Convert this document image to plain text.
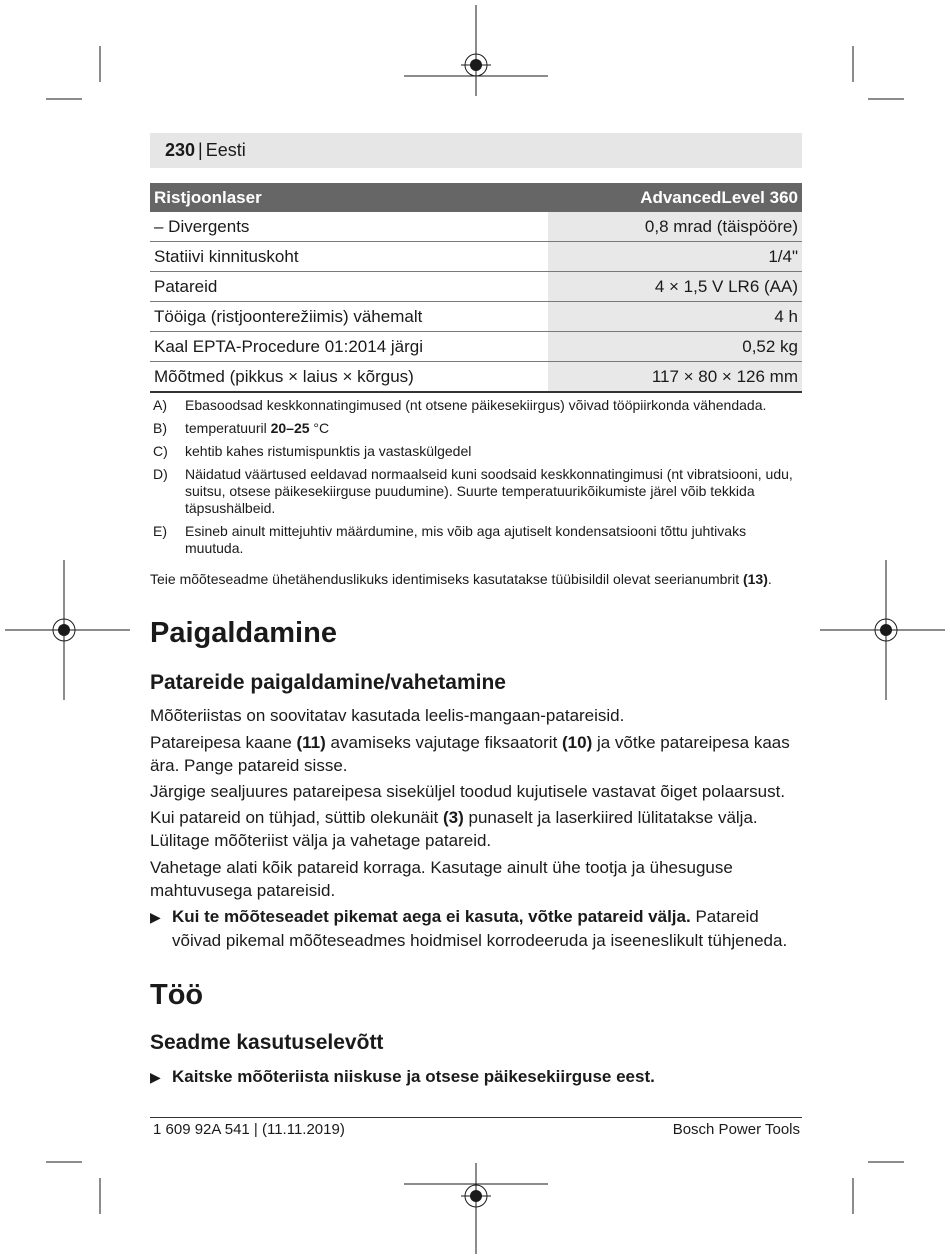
230 | Eesti
Ristjoonlaser	AdvancedLevel 360
– Divergents	0,8 mrad (täispööre)
Statiivi kinnituskoht	1/4"
Patareid	4 × 1,5 V LR6 (AA)
Tööiga (ristjoonterežiimis) vähemalt	4 h
Kaal EPTA-Procedure 01:2014 järgi	0,52 kg
Mõõtmed (pikkus × laius × kõrgus)	117 × 80 × 126 mm
A)	Ebasoodsad keskkonnatingimused (nt otsene päikesekiirgus) võivad tööpiirkonda vähendada.
B)	temperatuuril 20–25 °C
C)	kehtib kahes ristumispunktis ja vastaskülgedel
D)	Näidatud väärtused eeldavad normaalseid kuni soodsaid keskkonnatingimusi (nt vibratsiooni, udu, suitsu, otsese päikesekiirguse puudumine). Suurte temperatuurikõikumiste järel võib tekkida täpsushälbeid.
E)	Esineb ainult mittejuhtiv määrdumine, mis võib aga ajutiselt kondensatsiooni tõttu juhtivaks muutuda.
Teie mõõteseadme ühetähenduslikuks identimiseks kasutatakse tüübisildil olevat seerianumbrit (13).
Paigaldamine
Patareide paigaldamine/vahetamine

Mõõteriistas on soovitatav kasutada leelis-mangaan-patareisid.

Patareipesa kaane (11) avamiseks vajutage fiksaatorit (10) ja võtke patareipesa kaas ära. Pange patareid sisse.

Järgige sealjuures patareipesa siseküljel toodud kujutisele vastavat õiget polaarsust.

Kui patareid on tühjad, süttib olekunäit (3) punaselt ja laserkiired lülitatakse välja. Lülitage mõõteriist välja ja vahetage patareid.

Vahetage alati kõik patareid korraga. Kasutage ainult ühe tootja ja ühesuguse mahtuvusega patareisid.

▶ Kui te mõõteseadet pikemat aega ei kasuta, võtke patareid välja. Patareid võivad pikemal mõõteseadmes hoidmisel korrodeeruda ja iseeneslikult tühjeneda.
Töö
Seadme kasutuselevõtt
▶ Kaitske mõõteriista niiskuse ja otsese päikesekiirguse eest.
1 609 92A 541 | (11.11.2019)	Bosch Power Tools
